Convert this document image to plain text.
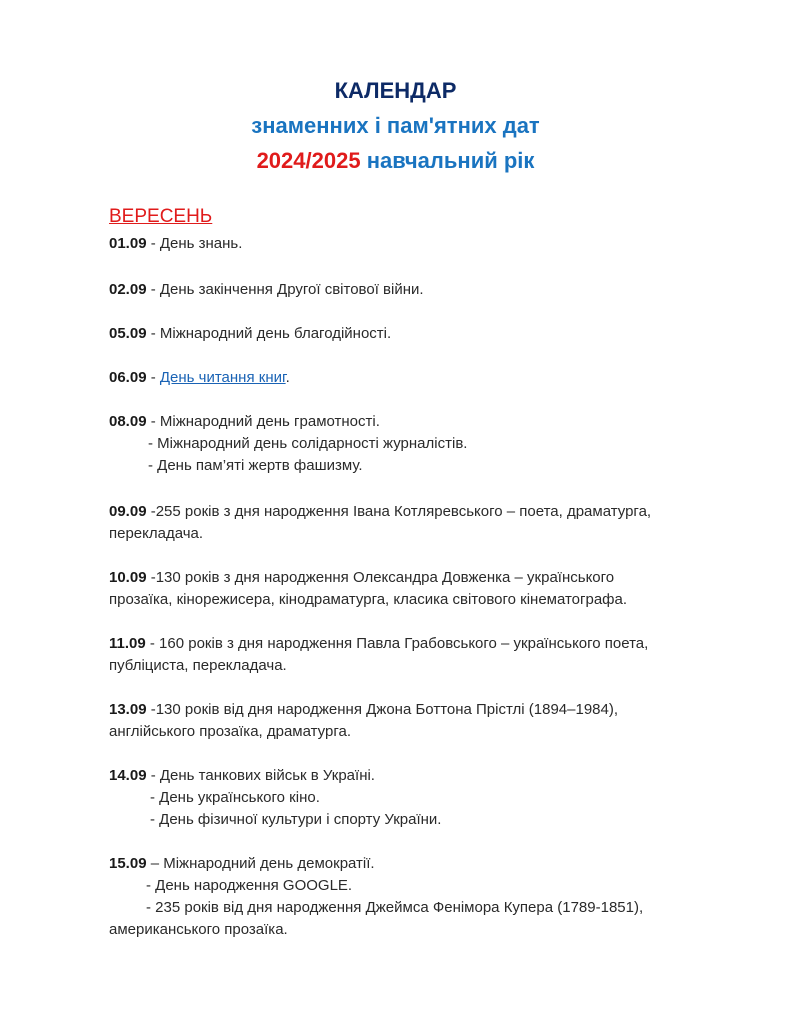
КАЛЕНДАР
знаменних і пам'ятних дат
2024/2025 навчальний рік
ВЕРЕСЕНЬ
01.09 - День знань.
02.09 - День закінчення Другої світової війни.
05.09 - Міжнародний день благодійності.
06.09 - День читання книг.
08.09 - Міжнародний день грамотності.
- Міжнародний день солідарності журналістів.
- День пам’яті жертв фашизму.
09.09 -255 років з дня народження Івана Котляревського – поета, драматурга,
перекладача.
10.09 -130 років з дня народження Олександра Довженка – українського
прозаїка, кінорежисера, кінодраматурга, класика світового кінематографа.
11.09 - 160 років з дня народження Павла Грабовського – українського поета,
публіциста, перекладача.
13.09 -130 років від дня народження Джона Боттона Прістлі (1894–1984),
англійського прозаїка, драматурга.
14.09 - День танкових військ в Україні.
- День українського кіно.
- День фізичної культури і спорту України.
15.09 – Міжнародний день демократії.
- День народження GOOGLE.
- 235 років від дня народження Джеймса Фенімора Купера (1789-1851),
американського прозаїка.
